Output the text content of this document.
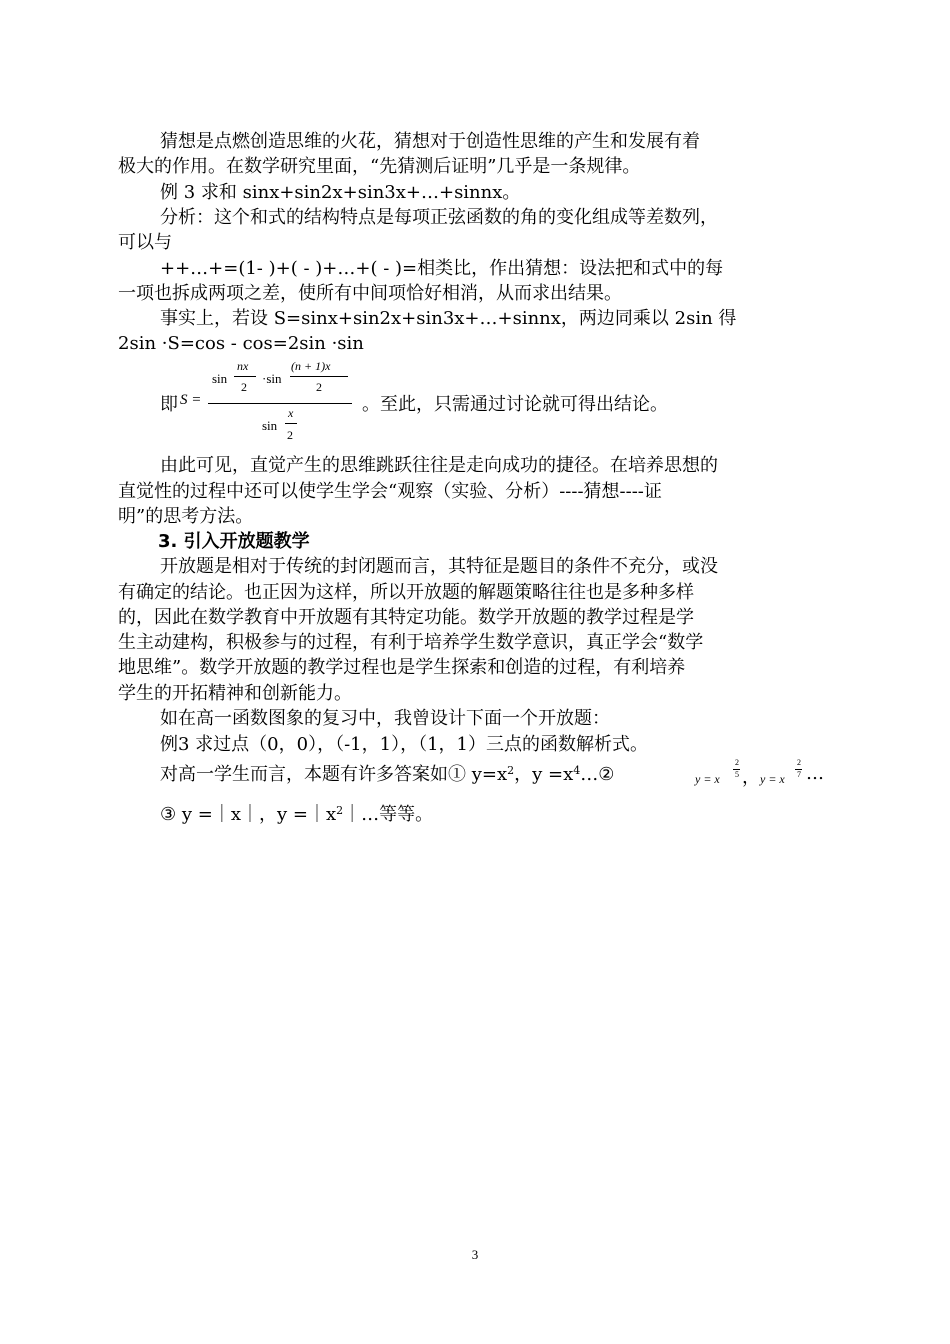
猜想是点燃创造思维的火花，猜想对于创造性思维的产生和发展有着
极大的作用。在数学研究里面，“先猜测后证明”几乎是一条规律。
例 3 求和 sinx+sin2x+sin3x+…+sinnx。
分析：这个和式的结构特点是每项正弦函数的角的变化组成等差数列，
可以与
++…+=(1- )+( - )+…+( - )=相类比，作出猜想：设法把和式中的每
一项也拆成两项之差，使所有中间项恰好相消，从而求出结果。
事实上，若设 S=sinx+sin2x+sin3x+…+sinnx，两边同乘以 2sin 得
2sin ·S=cos - cos=2sin ·sin
即 S =
sin
nx
2
·sin
(n + 1)x
2
sin
x
2
。至此，只需通过讨论就可得出结论。
由此可见，直觉产生的思维跳跃往往是走向成功的捷径。在培养思想的
直觉性的过程中还可以使学生学会“观察（实验、分析）----猜想----证
明”的思考方法。
3. 引入开放题教学
开放题是相对于传统的封闭题而言，其特征是题目的条件不充分，或没
有确定的结论。也正因为这样，所以开放题的解题策略往往也是多种多样
的，因此在数学教育中开放题有其特定功能。数学开放题的教学过程是学
生主动建构，积极参与的过程，有利于培养学生数学意识，真正学会“数学
地思维”。数学开放题的教学过程也是学生探索和创造的过程，有利培养
学生的开拓精神和创新能力。
如在高一函数图象的复习中，我曾设计下面一个开放题：
例3 求过点（0，0），（-1，1），（1，1）三点的函数解析式。
对高一学生而言，本题有许多答案如① $y=x^2$，$y =x^4\dots ②$	y = x
2
5 ， y = x
2
7 …
③ y =｜x｜，$y =|x^2|\dots$等等。
3
